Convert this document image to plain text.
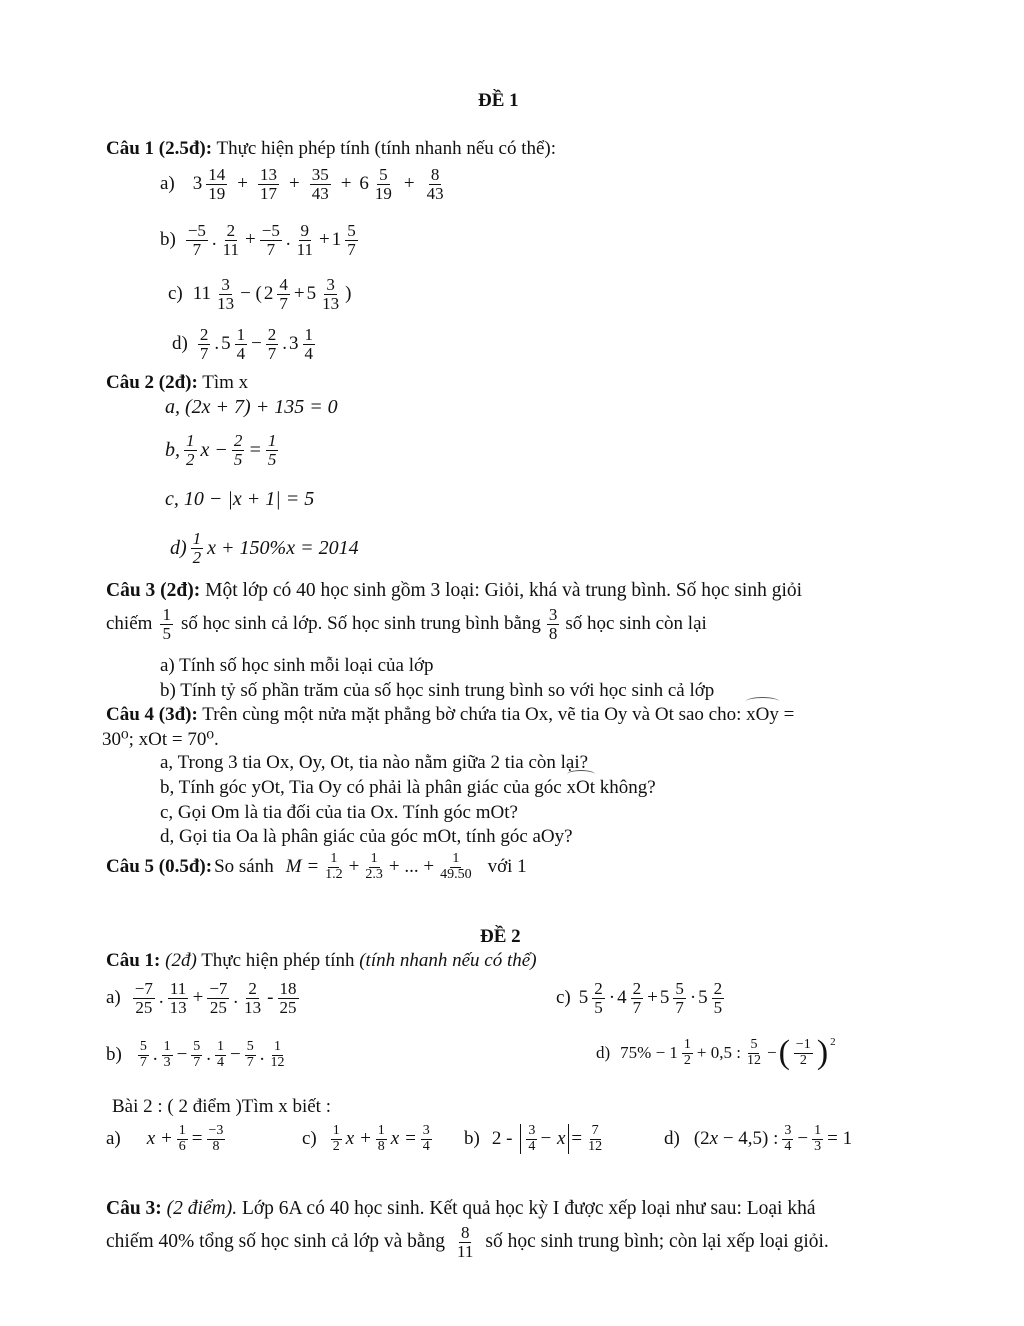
ĐỀ 1
Câu 1 (2.5đ): Thực hiện phép tính (tính nhanh nếu có thể):
a) $3 \frac{14}{19} + \frac{13}{17} + \frac{35}{43} + 6 \frac{5}{19} + \frac{8}{43}$
$b) \frac{-5}{7}$ . $\frac{2}{11} + \frac{-5}{7}$ . $\frac{9}{11} + 1 \frac{5}{7}$
c) $11 \frac{3}{13}$ − ( $2 \frac{4}{7} + 5 \frac{3}{13}$ )
$d) \frac{2}{7}$ . $5 \frac{1}{4} - \frac{2}{7}$ . $3 \frac{1}{4}$
Câu 2 (2đ): Tìm x
a, (2x + 7) + 135 = 0
b, $\frac{1}{2}$ $x - \frac{2}{5} = \frac{1}{5}$
c, 10 − |x + 1| = 5
$d) \frac{1}{2}$ x + 150%x = 2014
Câu 3 (2đ): Một lớp có 40 học sinh gồm 3 loại: Giỏi, khá và trung bình. Số học sinh giỏi
chiếm $\frac{1}{5}$ số học sinh cả lớp. Số học sinh trung bình bằng $\frac{3}{8}$ số học sinh còn lại
a) Tính số học sinh mỗi loại của lớp
b) Tính tỷ số phần trăm của số học sinh trung bình so với học sinh cả lớp
Câu 4 (3đ): Trên cùng một nửa mặt phẳng bờ chứa tia Ox, vẽ tia Oy và Ot sao cho: xOy =
30⁰; xOt = 70⁰.
a, Trong 3 tia Ox, Oy, Ot, tia nào nằm giữa 2 tia còn lại?
b, Tính góc yOt, Tia Oy có phải là phân giác của góc xOt không?
c, Gọi Om là tia đối của tia Ox. Tính góc mOt?
d, Gọi tia Oa là phân giác của góc mOt, tính góc aOy?
Câu 5 (0.5đ): So sánh $M = \frac{1}{1.2} + \frac{1}{2.3}$ + ... + $\frac{1}{49.50}$ với 1
ĐỀ 2
Câu 1: (2đ) Thực hiện phép tính (tính nhanh nếu có thể)
$a) \frac{-7}{25}$ . $\frac{11}{13} + \frac{-7}{25}$ . $\frac{2}{13} - \frac{18}{25}$	c) $5 \frac{2}{5} \cdot 4 \frac{2}{7} + 5 \frac{5}{7} \cdot 5 \frac{2}{5}$
$b) \frac{5}{7}$ . $\frac{1}{3} - \frac{5}{7}$ . $\frac{1}{4} - \frac{5}{7}$ . $\frac{1}{12}$	d) $75\% - 1 \frac{1}{2} + 0,5$ : $\frac{5}{12}$ − ( $\frac{-1}{2} )^2$
Bài 2 : ( 2 điểm )Tìm x biết :
a) $x + \frac{1}{6} = \frac{-3}{8}$	$c) \frac{1}{2}$ $x + \frac{1}{8}$ $x = \frac{3}{4} b$) $2 - \frac{3}{4} - x = \frac{7}{12}$	d) (2x − 4,5) : $\frac{3}{4} - \frac{1}{3} = 1$
Câu 3: (2 điểm). Lớp 6A có 40 học sinh. Kết quả học kỳ I được xếp loại như sau: Loại khá
chiếm 40% tổng số học sinh cả lớp và bằng $\frac{8}{11}$ số học sinh trung bình; còn lại xếp loại giỏi.
